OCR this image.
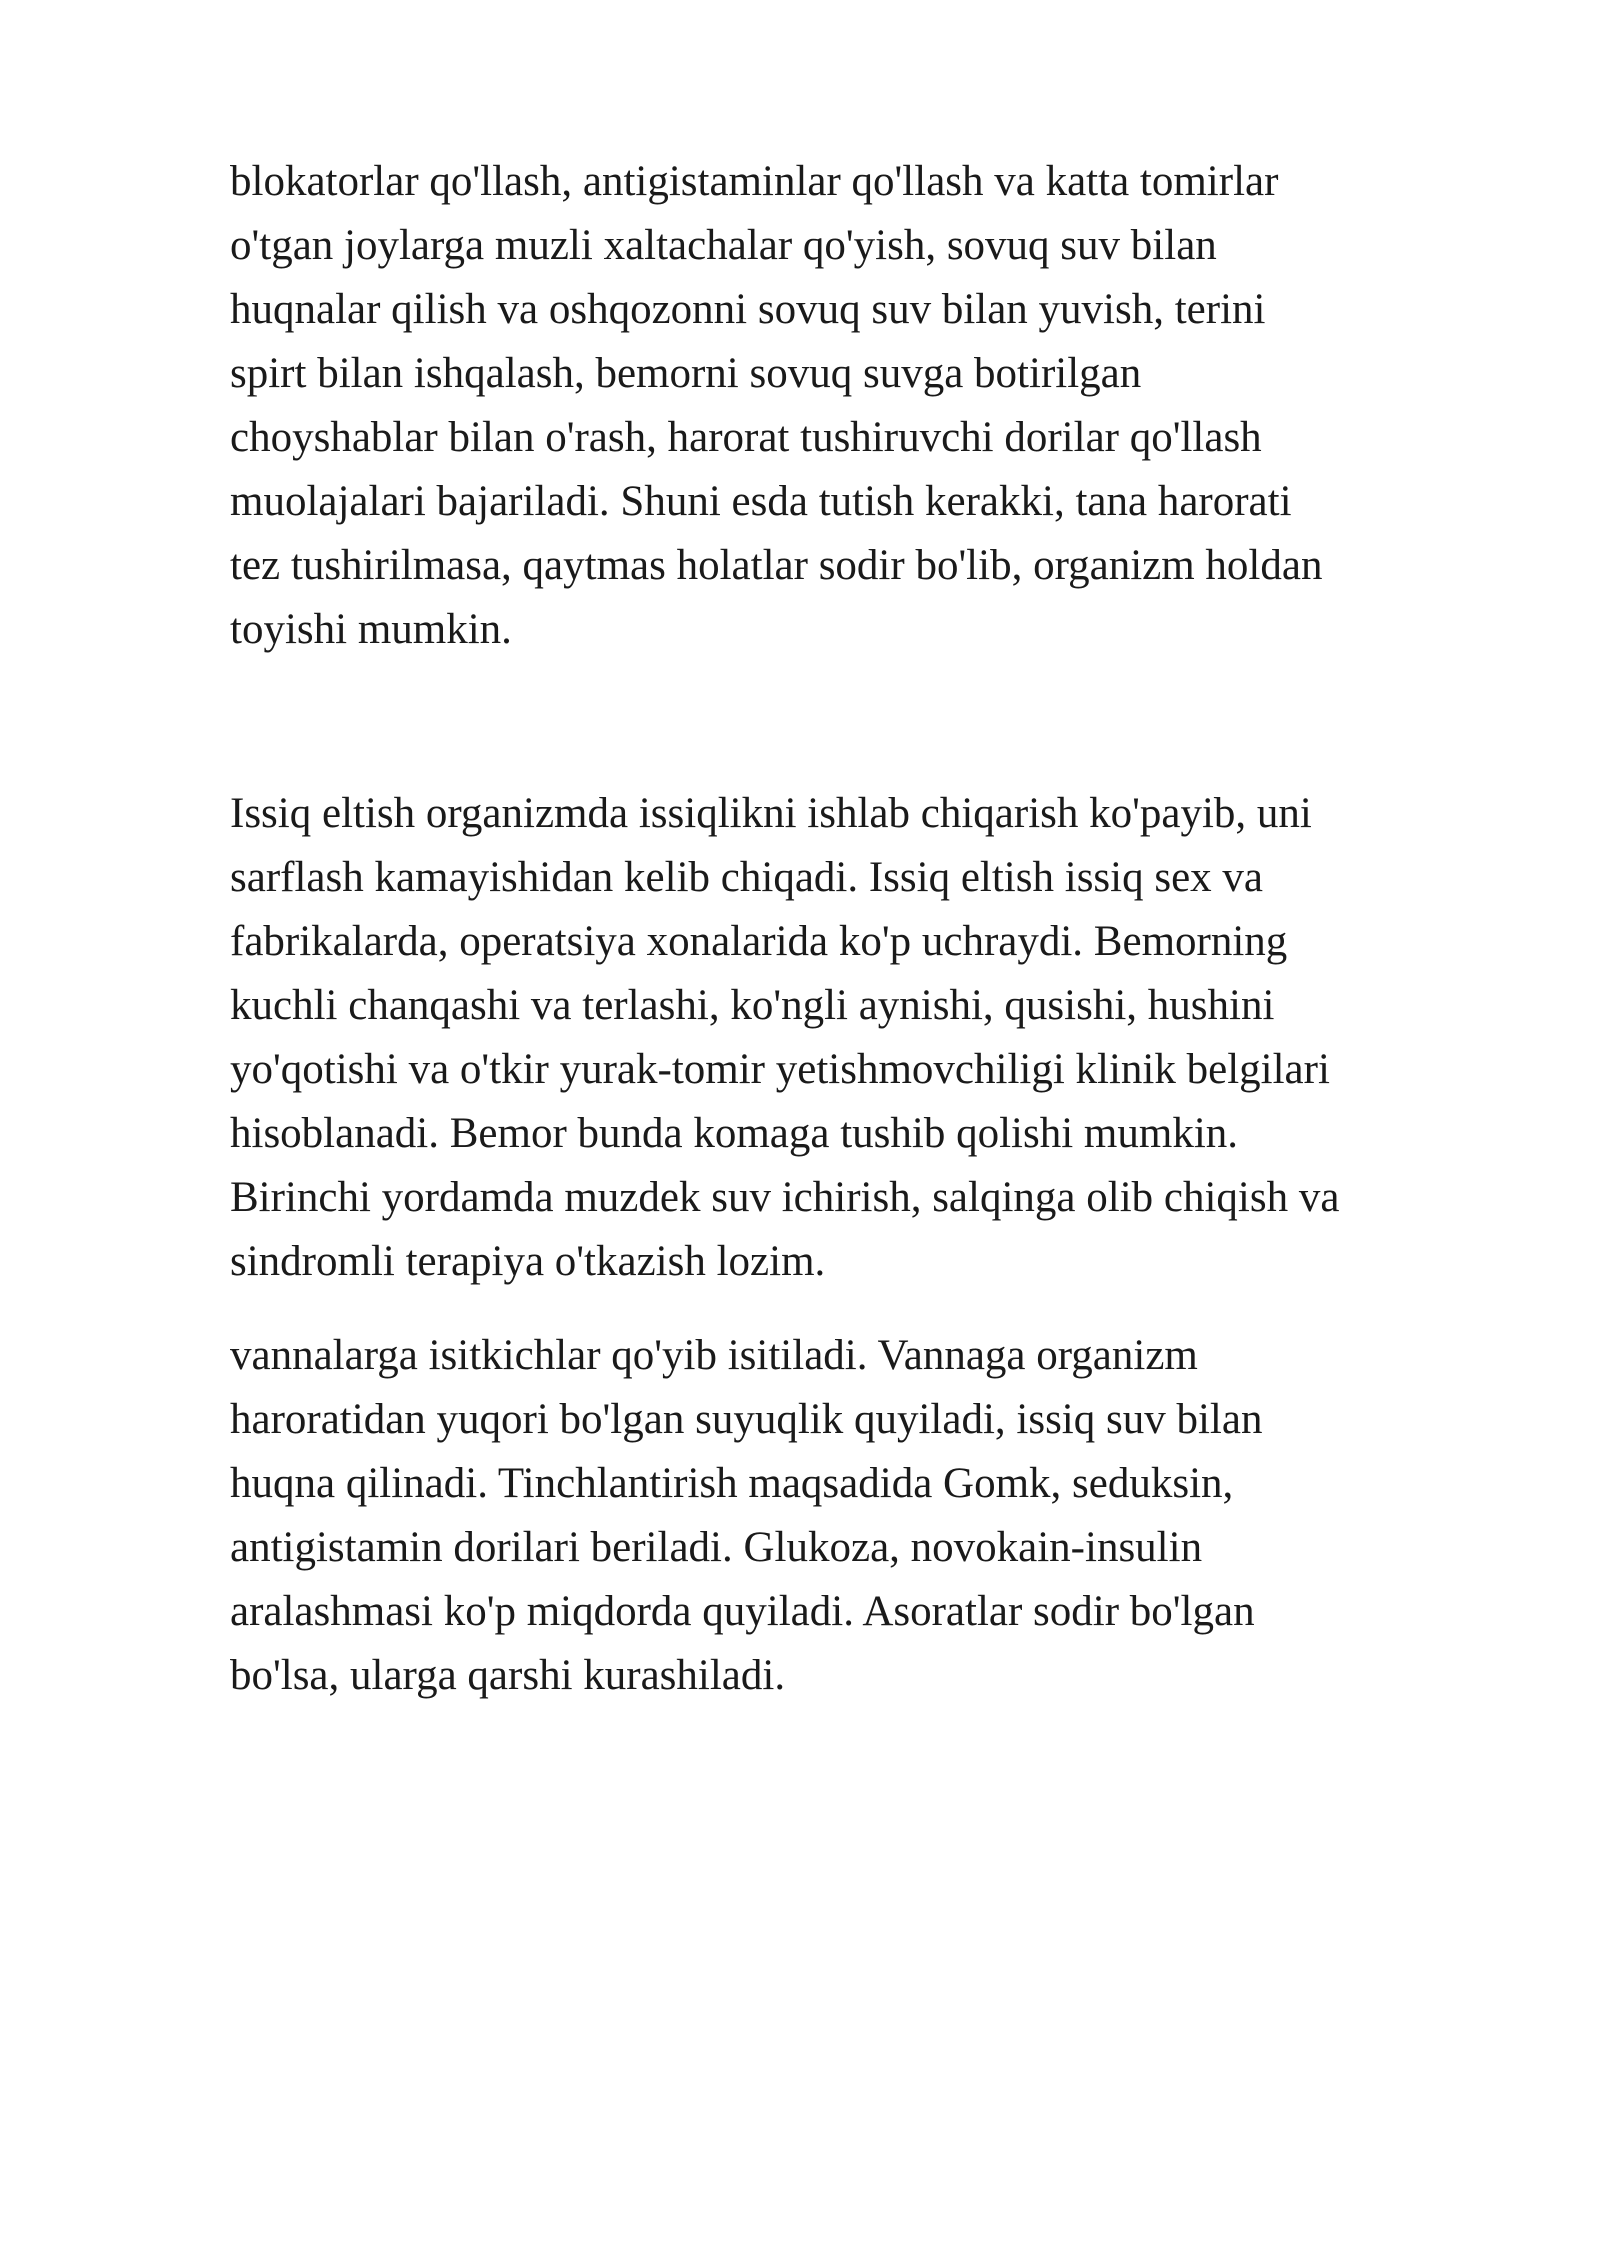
blokatorlar qo'llash, antigistaminlar qo'llash va katta tomirlar
o'tgan joylarga muzli xaltachalar qo'yish, sovuq suv bilan
huqnalar qilish va oshqozonni sovuq suv bilan yuvish, terini
spirt bilan ishqalash, bemorni sovuq suvga botirilgan
choyshablar bilan o'rash, harorat tushiruvchi dorilar qo'llash
muolajalari bajariladi. Shuni esda tutish kerakki, tana harorati
tez tushirilmasa, qaytmas holatlar sodir bo'lib, organizm holdan
toyishi mumkin.

Issiq eltish organizmda issiqlikni ishlab chiqarish ko'payib, uni
sarflash kamayishidan kelib chiqadi. Issiq eltish issiq sex va
fabrikalarda, operatsiya xonalarida ko'p uchraydi. Bemorning
kuchli chanqashi va terlashi, ko'ngli aynishi, qusishi, hushini
yo'qotishi va o'tkir yurak-tomir yetishmovchiligi klinik belgilari
hisoblanadi. Bemor bunda komaga tushib qolishi mumkin.
Birinchi yordamda muzdek suv ichirish, salqinga olib chiqish va
sindromli terapiya o'tkazish lozim.

vannalarga isitkichlar qo'yib isitiladi. Vannaga organizm
haroratidan yuqori bo'lgan suyuqlik quyiladi, issiq suv bilan
huqna qilinadi. Tinchlantirish maqsadida Gomk, seduksin,
antigistamin dorilari beriladi. Glukoza, novokain-insulin
aralashmasi ko'p miqdorda quyiladi. Asoratlar sodir bo'lgan
bo'lsa, ularga qarshi kurashiladi.
